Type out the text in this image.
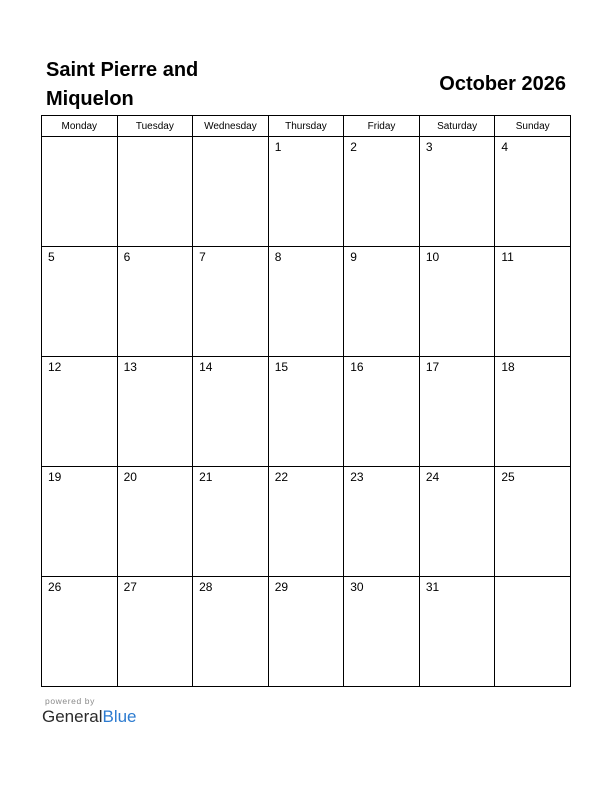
Saint Pierre and
Miquelon
October 2026
Monday	Tuesday	Wednesday	Thursday	Friday	Saturday	Sunday

			1	2	3	4

5	6	7	8	9	10	11

12	13	14	15	16	17	18

19	20	21	22	23	24	25

26	27	28	29	30	31	

powered by
GeneralBlue
